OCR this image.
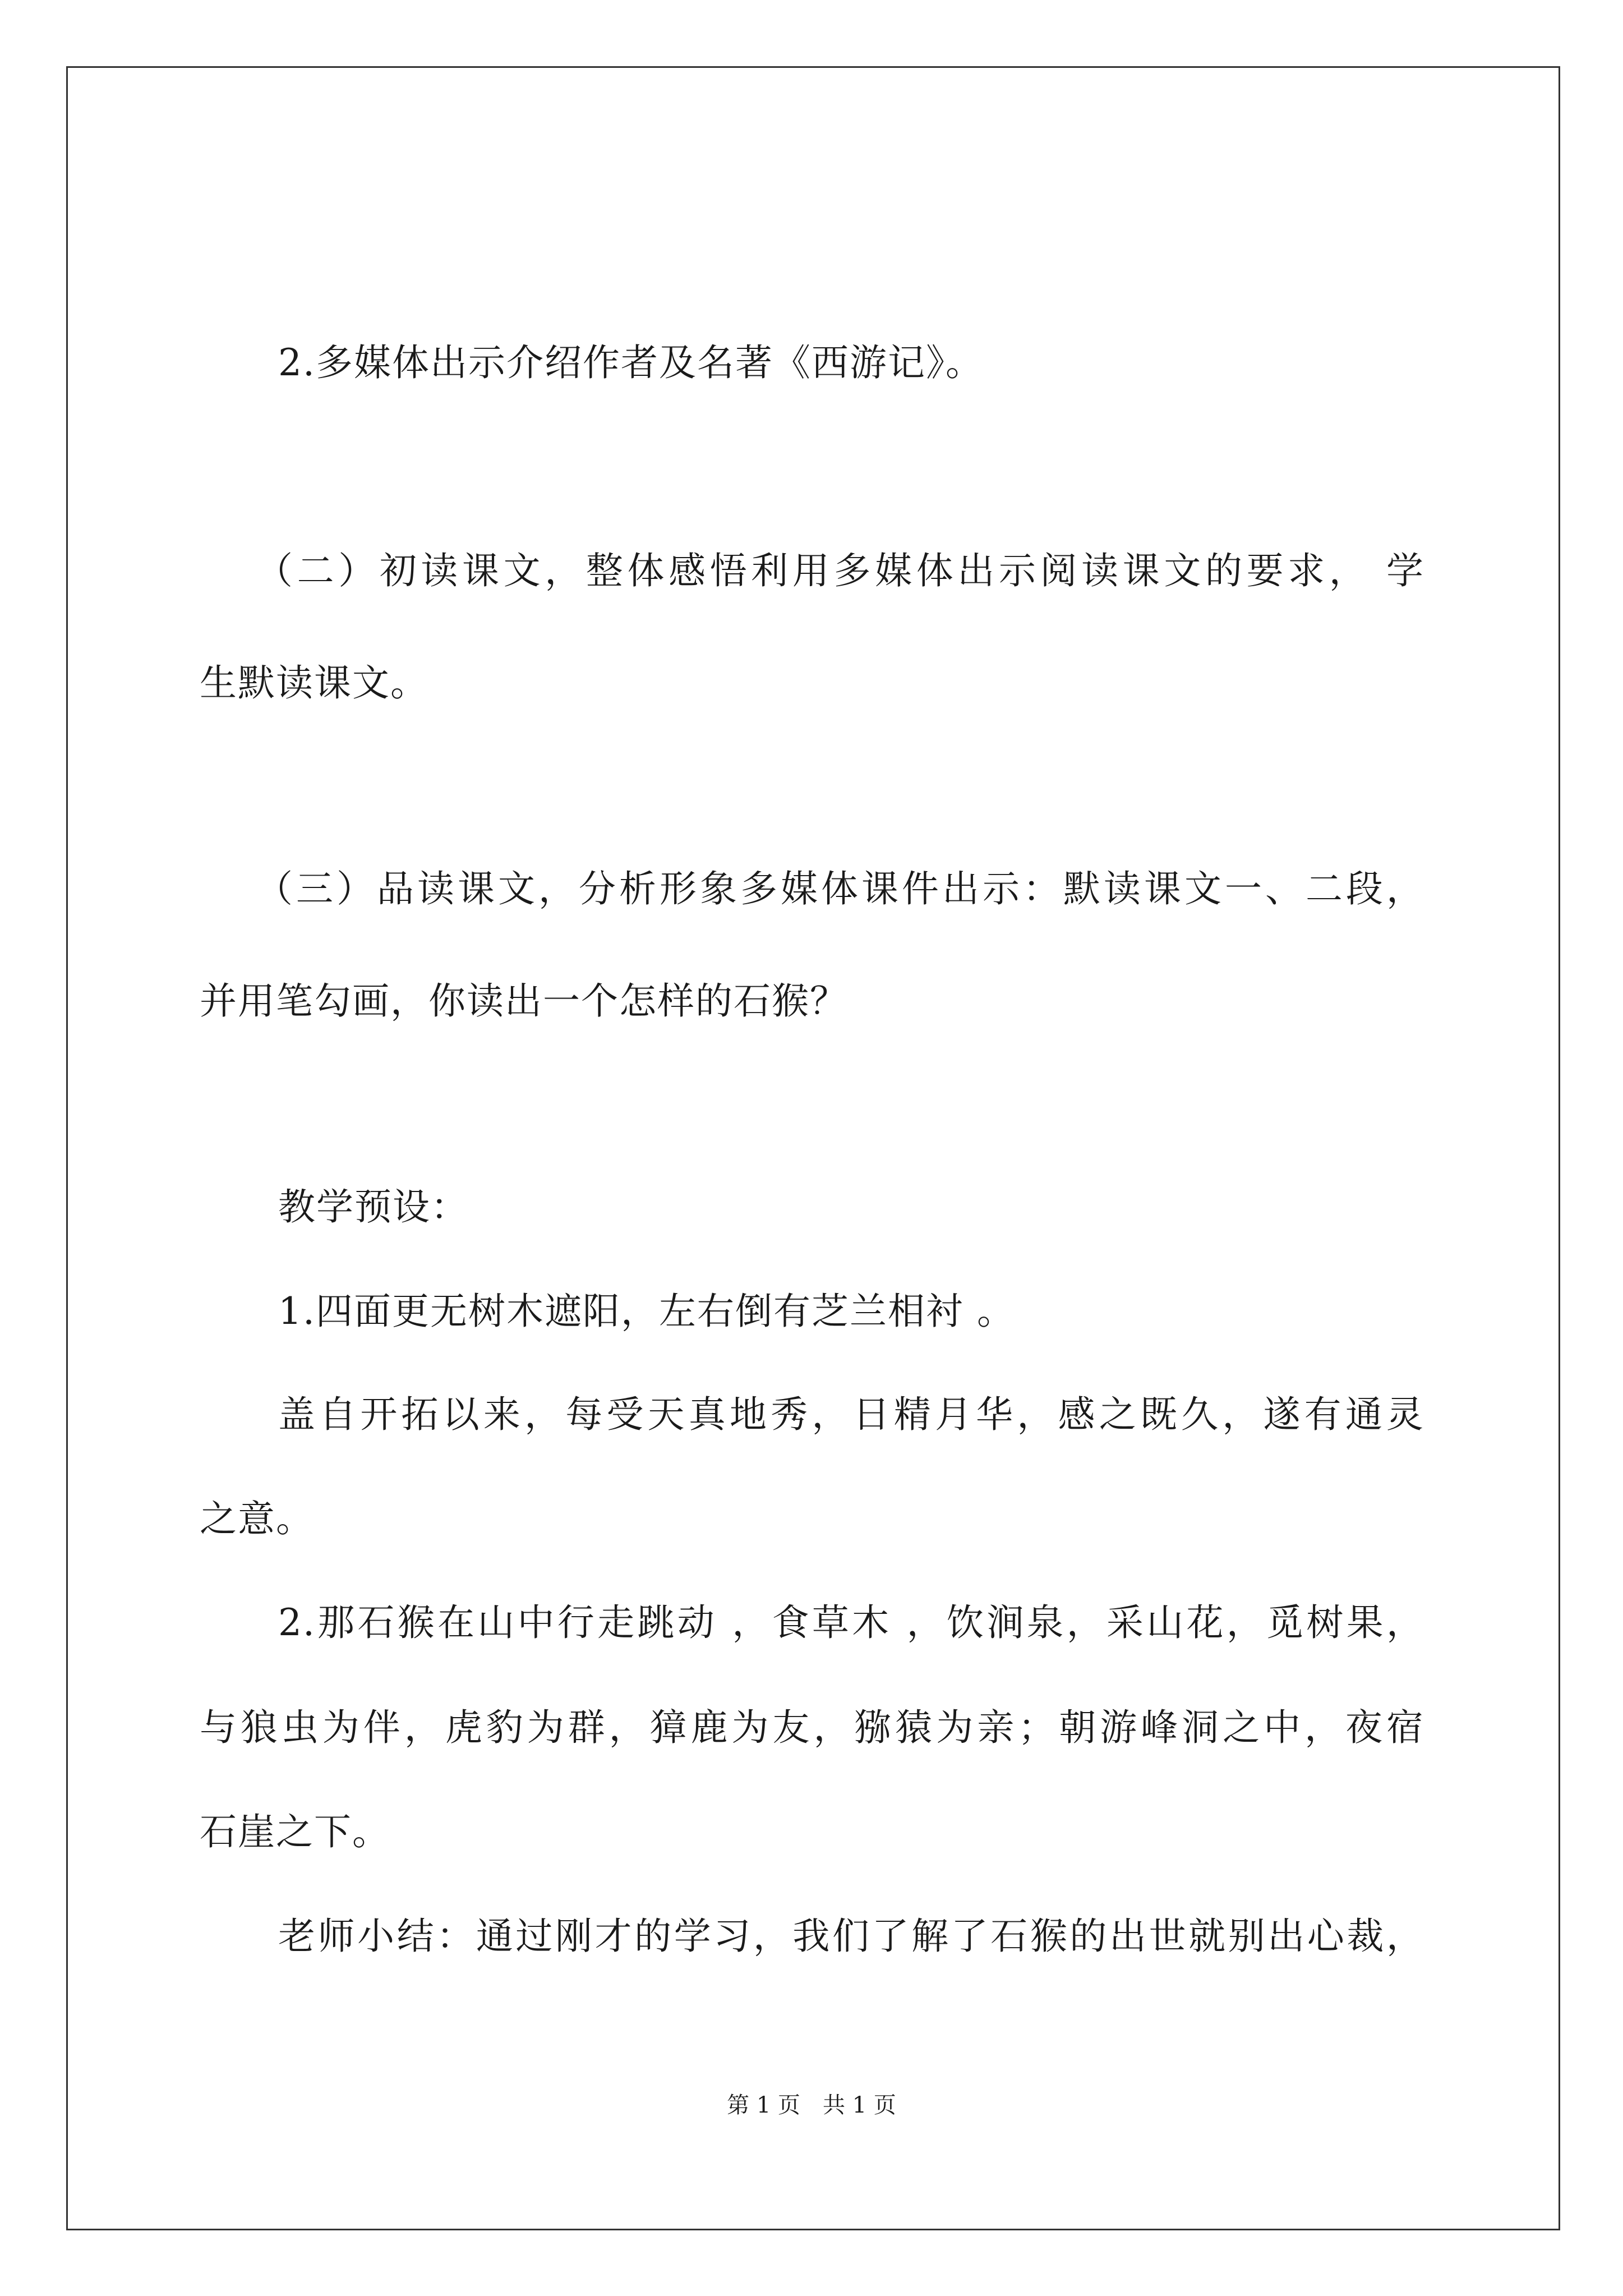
2.多媒体出示介绍作者及名著《西游记》。

（二）初读课文，整体感悟利用多媒体出示阅读课文的要求， 学

生默读课文。

（三）品读课文，分析形象多媒体课件出示：默读课文一、二段，

并用笔勾画，你读出一个怎样的石猴？

教学预设：

1.四面更无树木遮阳，左右倒有芝兰相衬 。

盖自开拓以来，每受天真地秀，日精月华，感之既久，遂有通灵

之意。

2.那石猴在山中行走跳动 ，食草木 ，饮涧泉，采山花，觅树果，

与狼虫为伴，虎豹为群，獐鹿为友，猕猿为亲；朝游峰洞之中，夜宿

石崖之下。

老师小结：通过刚才的学习，我们了解了石猴的出世就别出心裁，

第 1 页　共 1 页
